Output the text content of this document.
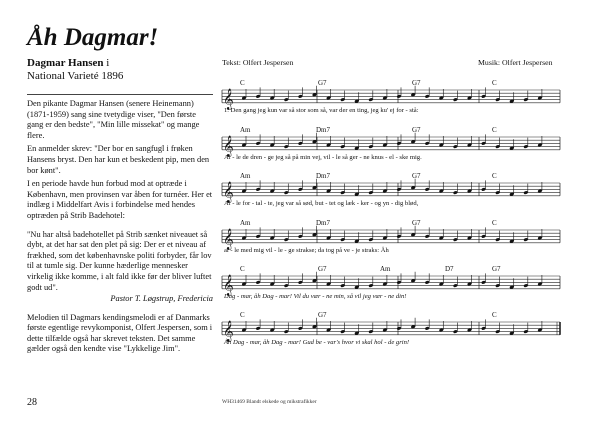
Åh Dagmar!
Dagmar Hansen i
National Varieté 1896

Den pikante Dagmar Hansen (senere Heinemann) (1871-1959) sang sine tvetydige viser, "Den første gang er den bedste", "Min lille missekat" og mange flere.

En anmelder skrev: "Der bor en sangfugl i frøken Hansens bryst. Den har kun et beskedent pip, men den bor kønt".

I en periode havde hun forbud mod at optræde i København, men provinsen var åben for turnéer. Her et indlæg i Middelfart Avis i forbindelse med hendes optræden på Strib Badehotel:

"Nu har altså badehotellet på Strib sænket niveauet så dybt, at det har sat den plet på sig: Der er et niveau af frækhed, som det københavnske politi forbyder, får lov til at tumle sig. Der kunne hæderlige mennesker virkelig ikke komme, i alt fald ikke før der bliver luftet godt ud".

Pastor T. Løgstrup, Fredericia

Melodien til Dagmars kendingsmelodi er af Danmarks første egentlige revykomponist, Olfert Jespersen, som i dette tilfælde også har skrevet teksten. Det samme gælder også den kendte vise "Lykkelige Jim".

Tekst: Olfert Jespersen	Musik: Olfert Jespersen
𝄞
C	G7	G7	C
1. Den gang jeg kun var så stor som så, var der en ting, jeg ku' ej for - stå:
𝄞
Am	Dm7	G7	C
Al - le de dren - ge jeg så på min vej, vil - le så ger - ne knus - el - ske mig.
𝄞
Am	Dm7	G7	C
Al - le for - tal - te, jeg var så sød, but - tet og læk - ker - og yn - dig blød,
𝄞
Am	Dm7	G7	C
al - le med mig vil - le - ge strakse; da tog på ve - je straks: Åh
𝄞
C	G7	Am	D7	G7
Dag - mar, åh Dag - mar! Vil du vær - ne min, så vil jeg vær - ne din!
𝄞
C	G7	C
Åh Dag - mar, åh Dag - mar! Gud be - var's hvor vi skal hol - de grin!
28	WH31469 Blandt elskede og mikstrafikker
